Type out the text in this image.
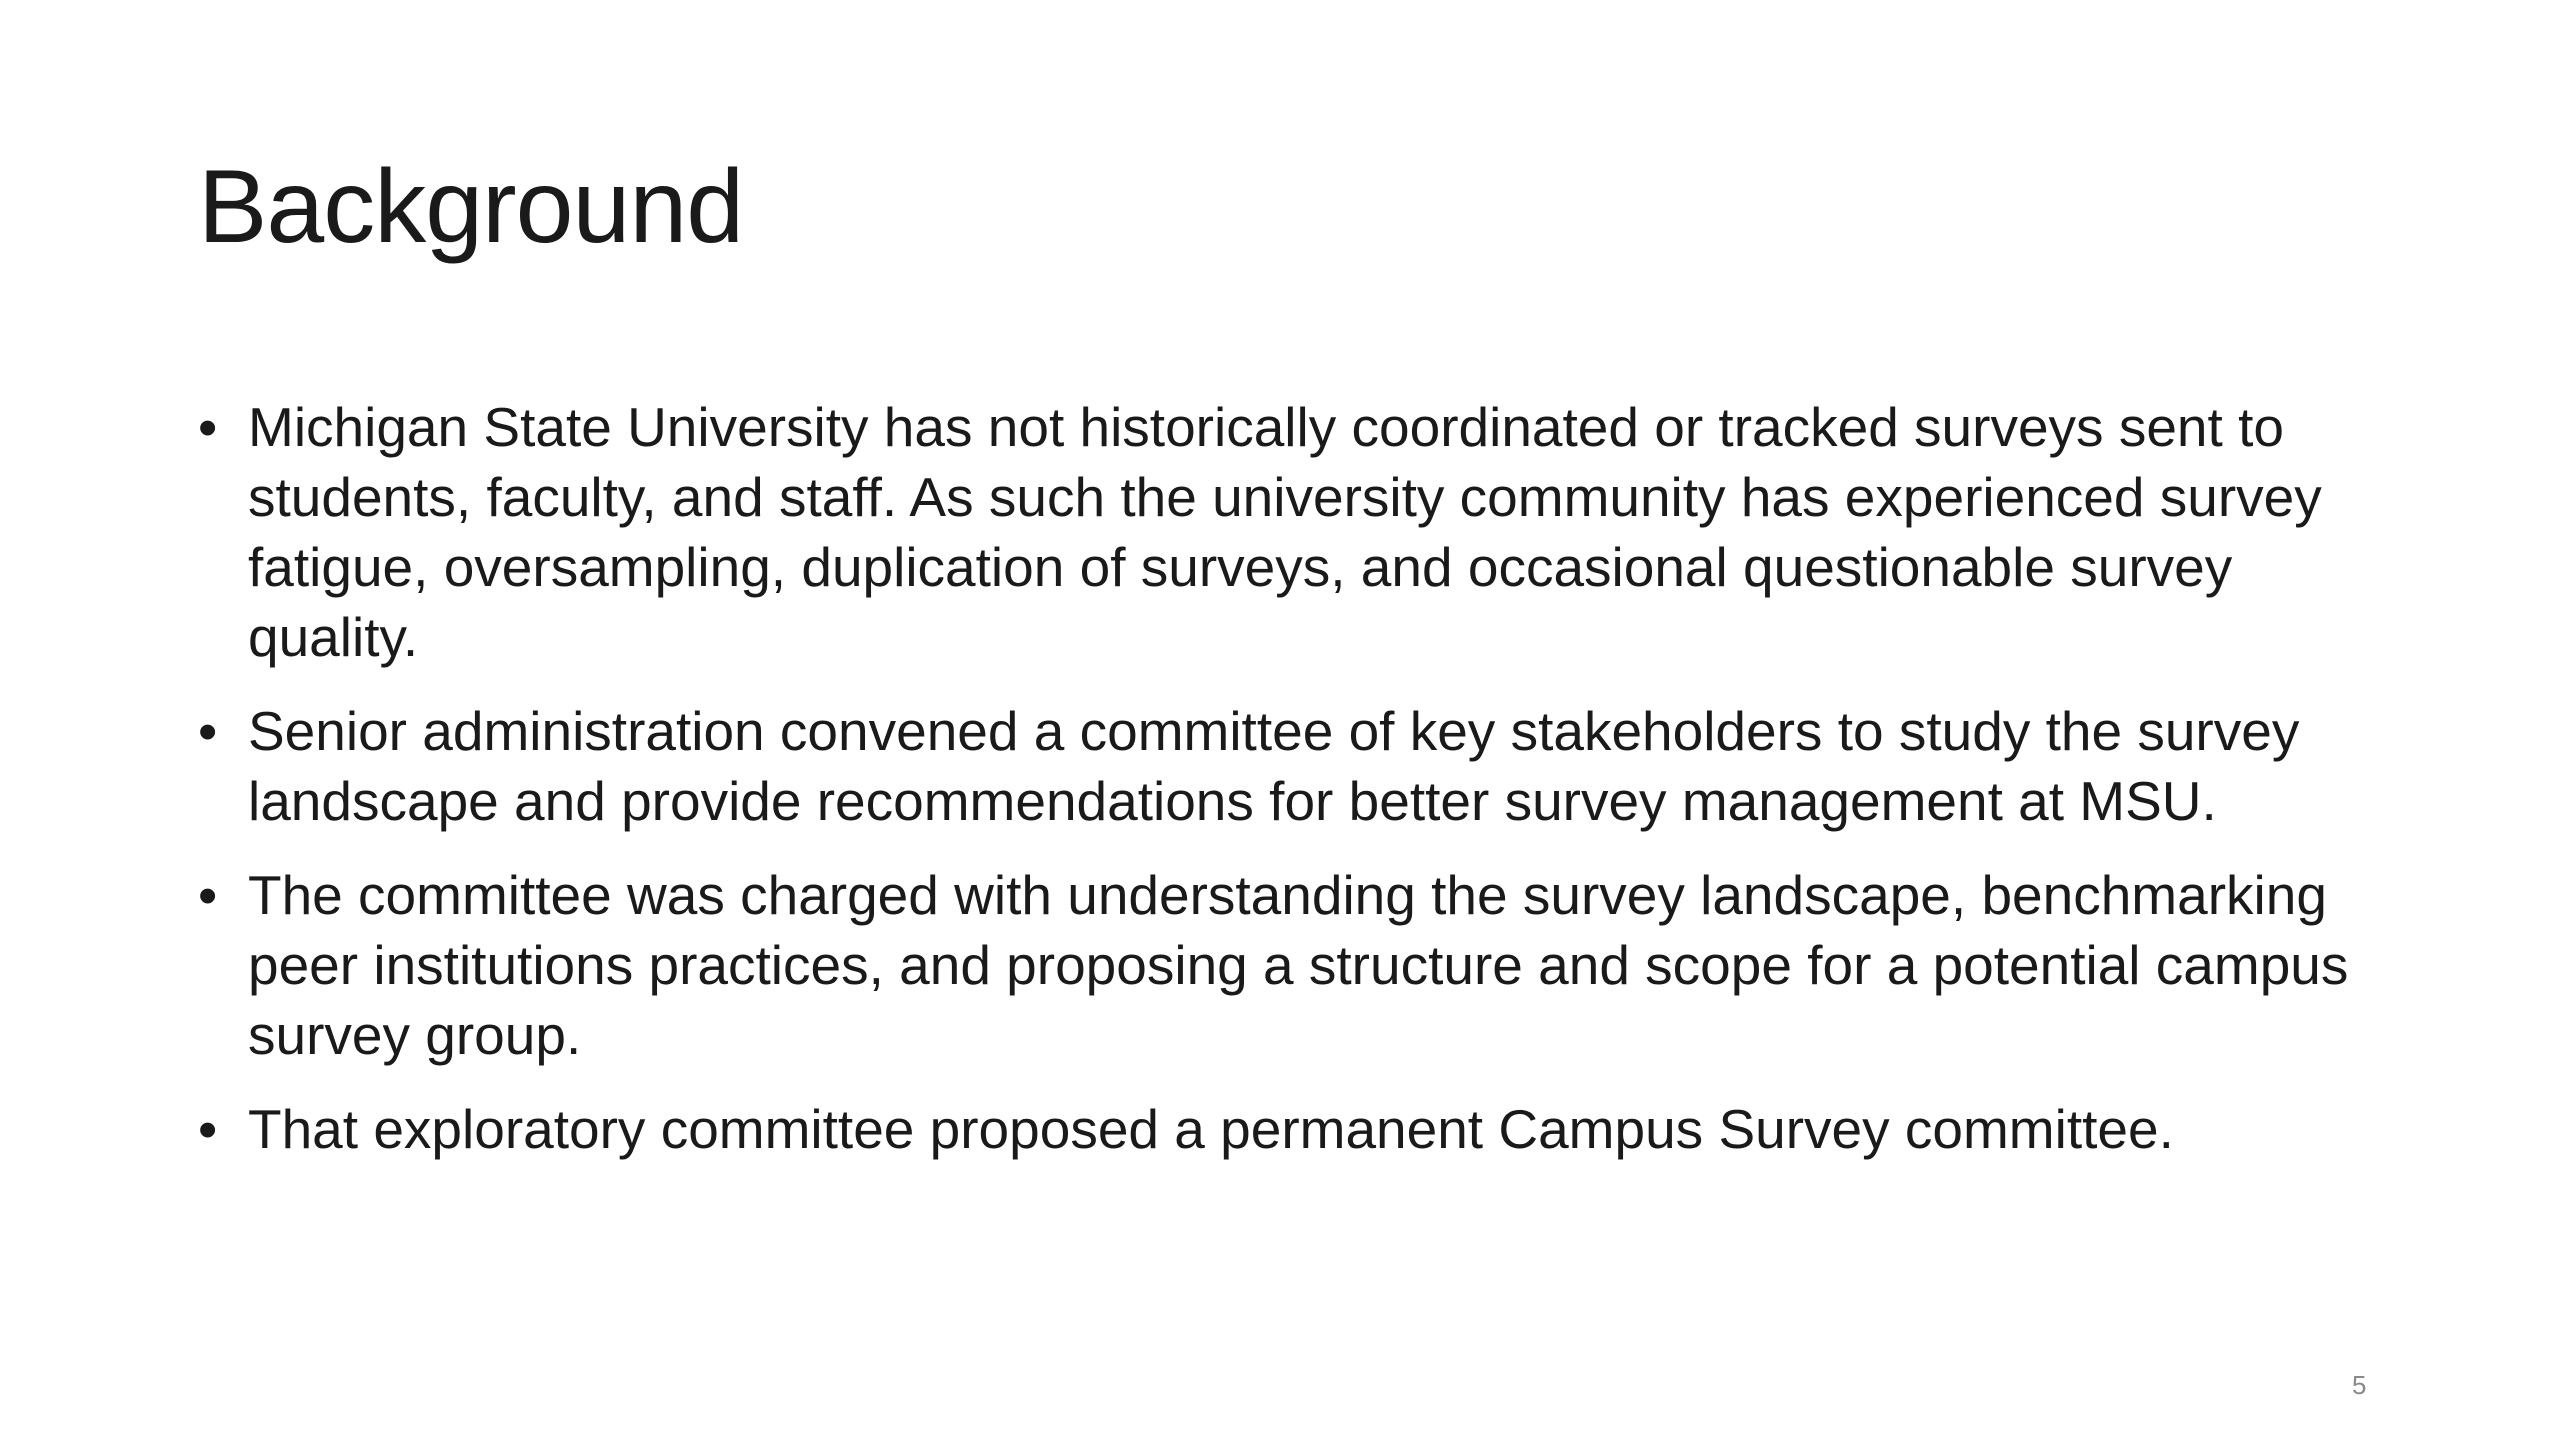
Background
• Michigan State University has not historically coordinated or tracked surveys sent to students, faculty, and staff. As such the university community has experienced survey fatigue, oversampling, duplication of surveys, and occasional questionable survey quality.
• Senior administration convened a committee of key stakeholders to study the survey landscape and provide recommendations for better survey management at MSU.
• The committee was charged with understanding the survey landscape, benchmarking peer institutions practices, and proposing a structure and scope for a potential campus survey group.
• That exploratory committee proposed a permanent Campus Survey committee.
5
